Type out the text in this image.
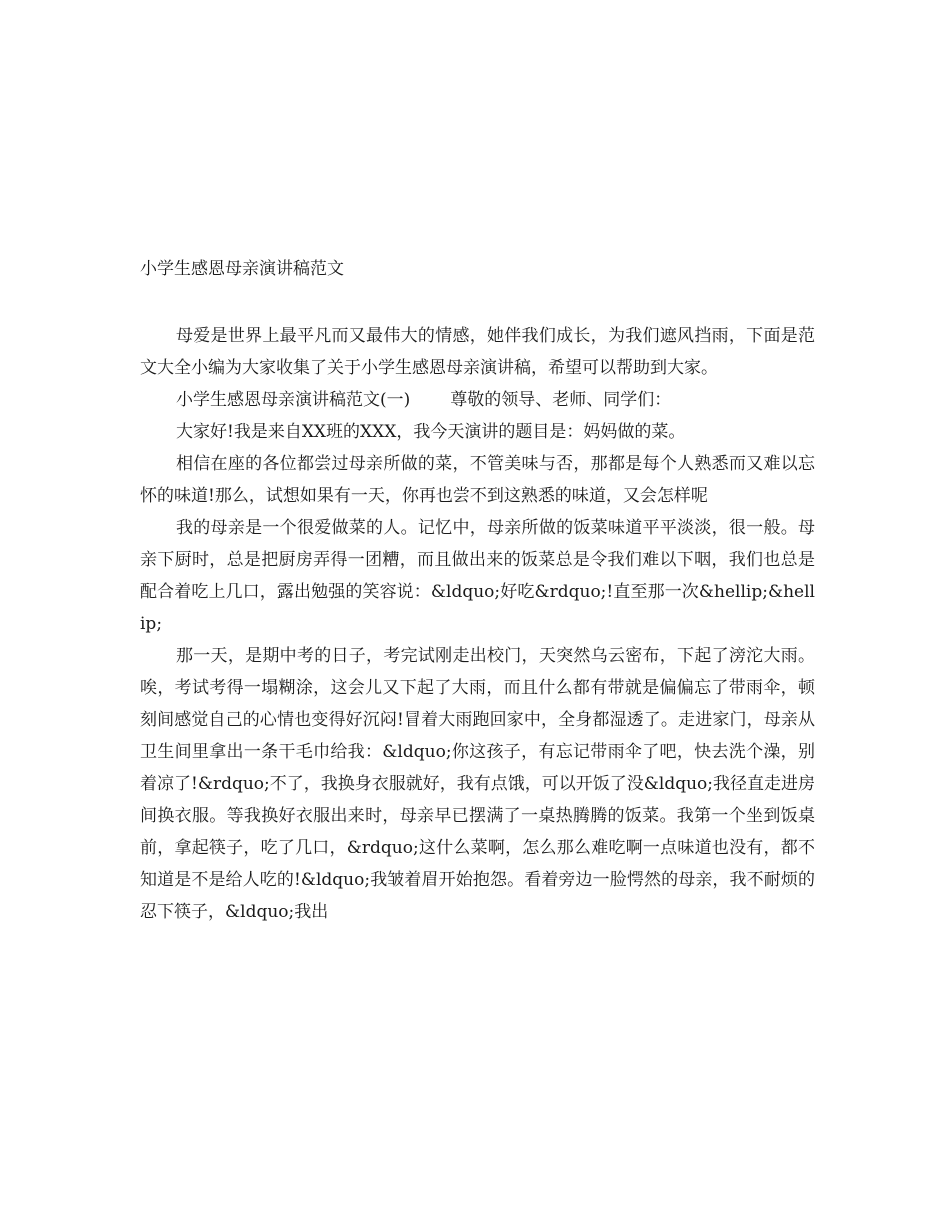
小学生感恩母亲演讲稿范文

母爱是世界上最平凡而又最伟大的情感，她伴我们成长，为我们遮风挡雨，下面是范文大全小编为大家收集了关于小学生感恩母亲演讲稿，希望可以帮助到大家。

小学生感恩母亲演讲稿范文(一) 尊敬的领导、老师、同学们：

大家好!我是来自XX班的XXX，我今天演讲的题目是：妈妈做的菜。

相信在座的各位都尝过母亲所做的菜，不管美味与否，那都是每个人熟悉而又难以忘怀的味道!那么，试想如果有一天，你再也尝不到这熟悉的味道，又会怎样呢

我的母亲是一个很爱做菜的人。记忆中，母亲所做的饭菜味道平平淡淡，很一般。母亲下厨时，总是把厨房弄得一团糟，而且做出来的饭菜总是令我们难以下咽，我们也总是配合着吃上几口，露出勉强的笑容说：&ldquo;好吃&rdquo;!直至那一次&hellip;&hellip;

那一天，是期中考的日子，考完试刚走出校门，天突然乌云密布，下起了滂沱大雨。唉，考试考得一塌糊涂，这会儿又下起了大雨，而且什么都有带就是偏偏忘了带雨伞，顿刻间感觉自己的心情也变得好沉闷!冒着大雨跑回家中，全身都湿透了。走进家门，母亲从卫生间里拿出一条干毛巾给我：&ldquo;你这孩子，有忘记带雨伞了吧，快去洗个澡，别着凉了!&rdquo;不了，我换身衣服就好，我有点饿，可以开饭了没&ldquo;我径直走进房间换衣服。等我换好衣服出来时，母亲早已摆满了一桌热腾腾的饭菜。我第一个坐到饭桌前，拿起筷子，吃了几口，&rdquo;这什么菜啊，怎么那么难吃啊一点味道也没有，都不知道是不是给人吃的!&ldquo;我皱着眉开始抱怨。看着旁边一脸愕然的母亲，我不耐烦的忍下筷子，&ldquo;我出
